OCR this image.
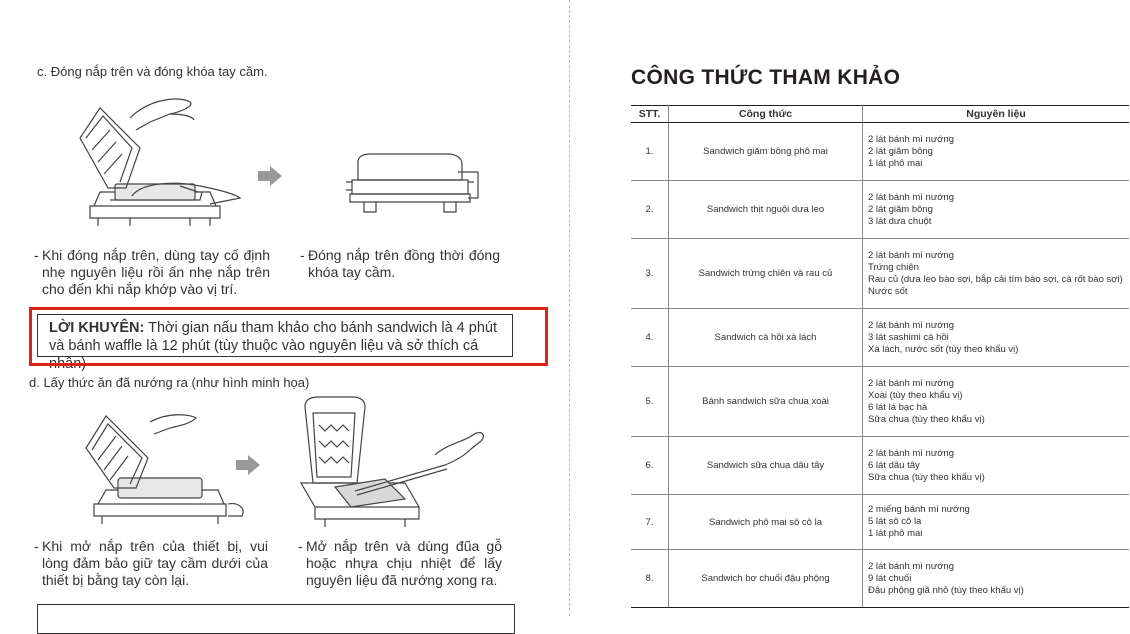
c. Đóng nắp trên và đóng khóa tay cầm.
- Khi đóng nắp trên, dùng tay cố định nhẹ nguyên liệu rồi ấn nhẹ nắp trên cho đến khi nắp khớp vào vị trí.
- Đóng nắp trên đồng thời đóng khóa tay cầm.
LỜI KHUYÊN: Thời gian nấu tham khảo cho bánh sandwich là 4 phút và bánh waffle là 12 phút (tùy thuộc vào nguyên liệu và sở thích cá nhân)
d. Lấy thức ăn đã nướng ra (như hình minh họa)
- Khi mở nắp trên của thiết bị, vui lòng đảm bảo giữ tay cầm dưới của thiết bị bằng tay còn lại.
- Mở nắp trên và dùng đũa gỗ hoặc nhựa chịu nhiệt để lấy nguyên liệu đã nướng xong ra.
CÔNG THỨC THAM KHẢO
STT.	Công thức	Nguyên liệu
1.	Sandwich giăm bông phô mai	2 lát bánh mì nướng
2 lát giăm bông
1 lát phô mai

2.	Sandwich thịt nguội dưa leo	2 lát bánh mì nướng
2 lát giăm bông
3 lát dưa chuột

3.	Sandwich trứng chiên và rau củ	2 lát bánh mì nướng
Trứng chiên
Rau củ (dưa leo bào sợi, bắp cải tím bào sợi, cà rốt bào sợi)
Nước sốt

4.	Sandwich cá hồi xà lách	2 lát bánh mì nướng
3 lát sashimi cá hồi
Xà lách, nước sốt (tùy theo khẩu vị)

5.	Bánh sandwich sữa chua xoài	2 lát bánh mì nướng
Xoài (tùy theo khẩu vị)
6 lát lá bạc hà
Sữa chua (tùy theo khẩu vị)

6.	Sandwich sữa chua dâu tây	2 lát bánh mì nướng
6 lát dâu tây
Sữa chua (tùy theo khẩu vị)

7.	Sandwich phô mai sô cô la	2 miếng bánh mì nướng
5 lát sô cô la
1 lát phô mai

8.	Sandwich bơ chuối đậu phộng	2 lát bánh mì nướng
9 lát chuối
Đậu phộng giã nhỏ (tùy theo khẩu vị)
